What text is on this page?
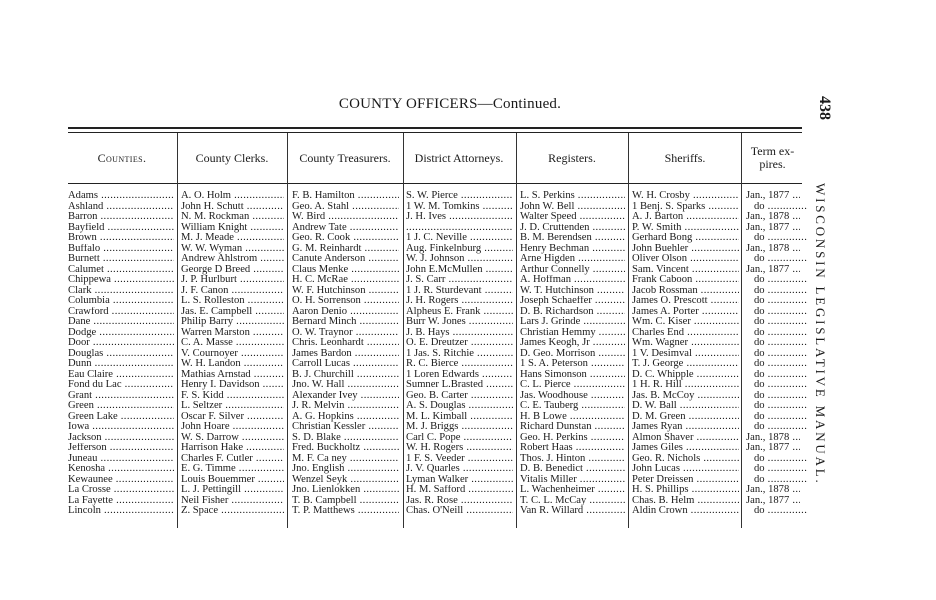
COUNTY OFFICERS—Continued.	438
WISCONSIN LEGISLATIVE MANUAL.
Counties.	County Clerks.	County Treasurers.	District Attorneys.	Registers.	Sheriffs.	Term ex-
pires.
Adams .....	A. O. Holm .....	F. B. Hamilton .....	S. W. Pierce .....	L. S. Perkins .....	W. H. Crosby .....	Jan., 1877 .....
Ashland .....	John H. Schutt .....	Geo. A. Stahl .....	1 W. M. Tomkins .....	John W. Bell .....	1 Benj. S. Sparks .....	do .....
Barron .....	N. M. Rockman .....	W. Bird .....	J. H. Ives .....	Walter Speed .....	A. J. Barton .....	Jan., 1878 .....
Bayfield .....	William Knight .....	Andrew Tate .....
.....	J. D. Cruttenden .....	P. W. Smith .....	Jan., 1877 .....
Brown .....	M. J. Meade .....	Geo. R. Cook .....	1 J. C. Neville .....	B. M. Berendsen .....	Gerhard Bong .....	do .....
Buffalo .....	W. W. Wyman .....	G. M. Reinhardt .....	Aug. Finkelnburg .....	Henry Bechman .....	John Buehler .....	Jan., 1878 .....
Burnett .....	Andrew Ahlstrom .....	Canute Anderson .....	W. J. Johnson .....	Arne Higden .....	Oliver Olson .....	do .....
Calumet .....	George D Breed .....	Claus Menke .....	John E.McMullen .....	Arthur Connelly .....	Sam. Vincent .....	Jan., 1877 .....
Chippewa .....	J. P. Hurlburt .....	H. C. McRae .....	J. S. Carr .....	A. Hoffman .....	Frank Caboon .....	do .....
Clark .....	J. F. Canon .....	W. F. Hutchinson .....	1 J. R. Sturdevant .....	W. T. Hutchinson .....	Jacob Rossman .....	do .....
Columbia .....	L. S. Rolleston .....	O. H. Sorrenson .....	J. H. Rogers .....	Joseph Schaeffer .....	James O. Prescott .....	do .....
Crawford .....	Jas. E. Campbell .....	Aaron Denio .....	Alpheus E. Frank .....	D. B. Richardson .....	James A. Porter .....	do .....
Dane .....	Philip Barry .....	Bernard Minch .....	Burr W. Jones .....	Lars J. Grinde .....	Wm. C. Kiser .....	do .....
Dodge .....	Warren Marston .....	O. W. Traynor .....	J. B. Hays .....	Christian Hemmy .....	Charles End .....	do .....
Door .....	C. A. Masse .....	Chris. Leonhardt .....	O. E. Dreutzer .....	James Keogh, Jr .....	Wm. Wagner .....	do .....
Douglas .....	V. Cournoyer .....	James Bardon .....	1 Jas. S. Ritchie .....	D. Geo. Morrison .....	1 V. Desimval .....	do .....
Dunn .....	W. H. Landon .....	Carroll Lucas .....	R. C. Bierce .....	1 S. A. Peterson .....	T. J. George .....	do .....
Eau Claire .....	Mathias Arnstad .....	B. J. Churchill .....	1 Loren Edwards .....	Hans Simonson .....	D. C. Whipple .....	do .....
Fond du Lac .....	Henry I. Davidson .....	Jno. W. Hall .....	Sumner L.Brasted .....	C. L. Pierce .....	1 H. R. Hill .....	do .....
Grant .....	F. S. Kidd .....	Alexander Ivey .....	Geo. B. Carter .....	Jas. Woodhouse .....	Jas. B. McCoy .....	do .....
Green .....	L. Seltzer .....	J. R. Melvin .....	A. S. Douglas .....	C. E. Tauberg .....	D. W. Ball .....	do .....
Green Lake .....	Oscar F. Silver .....	A. G. Hopkins .....	M. L. Kimball .....	H. B Lowe .....	D. M. Green .....	do .....
Iowa .....	John Hoare .....	Christian Kessler .....	M. J. Briggs .....	Richard Dunstan .....	James Ryan .....	do .....
Jackson .....	W. S. Darrow .....	S. D. Blake .....	Carl C. Pope .....	Geo. H. Perkins .....	Almon Shaver .....	Jan., 1878 .....
Jefferson .....	Harrison Hake .....	Fred. Buckholtz .....	W. H. Rogers .....	Robert Haas .....	James Giles .....	Jan., 1877 .....
Juneau .....	Charles F. Cutler .....	M. F. Ca ney .....	1 F. S. Veeder .....	Thos. J. Hinton .....	Geo. R. Nichols .....	do .....
Kenosha .....	E. G. Timme .....	Jno. English .....	J. V. Quarles .....	D. B. Benedict .....	John Lucas .....	do .....
Kewaunee .....	Louis Bouemmer .....	Wenzel Seyk .....	Lyman Walker .....	Vitalis Miller .....	Peter Dreissen .....	do .....
La Crosse .....	L. J. Pettingill .....	Jno. Lienlokken .....	H. M. Safford .....	L. Wachenheimer .....	H. S. Phillips .....	Jan., 1878 .....
La Fayette .....	Neil Fisher .....	T. B. Campbell .....	Jas. R. Rose .....	T. C. L. McCay .....	Chas. B. Helm .....	Jan., 1877 .....
Lincoln .....	Z. Space .....	T. P. Matthews .....	Chas. O'Neill .....	Van R. Willard .....	Aldin Crown .....	do .....
